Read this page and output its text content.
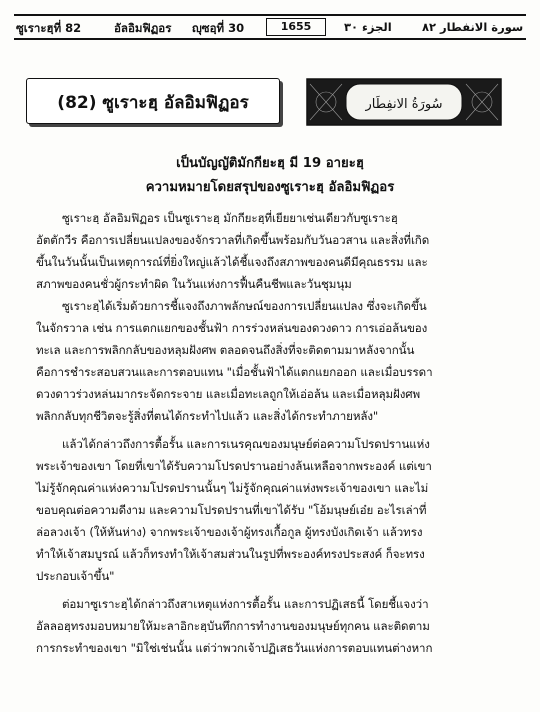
ซูเราะฮฺที่ 82	อัลอิมฟิฏอร ญุซอฺที่ 30	1655	الجزء ٣٠	سورة الانفطار ٨٢
(82) ซูเราะฮฺ อัลอิมฟิฏอร	سُورَةُ الانفِطَار
เป็นบัญญัติมักกียะฮฺ มี 19 อายะฮฺ
ความหมายโดยสรุปของซูเราะฮฺ อัลอิมฟิฏอร
ซูเราะฮฺ อัลอิมฟิฏอร เป็นซูเราะฮฺ มักกียะฮฺที่เยียยาเช่นเดียวกับซูเราะฮฺ
อัตตักวีร คือการเปลี่ยนแปลงของจักรวาลที่เกิดขึ้นพร้อมกับวันอวสาน และสิ่งที่เกิด
ขึ้นในวันนั้นเป็นเหตุการณ์ที่ยิ่งใหญ่แล้วได้ชี้แจงถึงสภาพของคนดีมีคุณธรรม และ
สภาพของคนชั่วผู้กระทำผิด ในวันแห่งการฟื้นคืนชีพและวันชุมนุม
ซูเราะฮฺได้เริ่มด้วยการชี้แจงถึงภาพลักษณ์ของการเปลี่ยนแปลง ซึ่งจะเกิดขึ้น
ในจักรวาล เช่น การแตกแยกของชั้นฟ้า การร่วงหล่นของดวงดาว การเอ่อล้นของ
ทะเล และการพลิกกลับของหลุมฝังศพ ตลอดจนถึงสิ่งที่จะติดตามมาหลังจากนั้น
คือการชำระสอบสวนและการตอบแทน "เมื่อชั้นฟ้าได้แตกแยกออก และเมื่อบรรดา
ดวงดาวร่วงหล่นมากระจัดกระจาย และเมื่อทะเลถูกให้เอ่อล้น และเมื่อหลุมฝังศพ
พลิกกลับทุกชีวิตจะรู้สิ่งที่ตนได้กระทำไปแล้ว และสิ่งได้กระทำภายหลัง"
แล้วได้กล่าวถึงการตื้อรั้น และการเนรคุณของมนุษย์ต่อความโปรดปรานแห่ง
พระเจ้าของเขา โดยที่เขาได้รับความโปรดปรานอย่างล้นเหลือจากพระองค์ แต่เขา
ไม่รู้จักคุณค่าแห่งความโปรดปรานนั้นๆ ไม่รู้จักคุณค่าแห่งพระเจ้าของเขา และไม่
ขอบคุณต่อความดีงาม และความโปรดปรานที่เขาได้รับ "โอ้มนุษย์เอ๋ย อะไรเล่าที่
ล่อลวงเจ้า (ให้หันห่าง) จากพระเจ้าของเจ้าผู้ทรงเกื้อกูล ผู้ทรงบังเกิดเจ้า แล้วทรง
ทำให้เจ้าสมบูรณ์ แล้วก็ทรงทำให้เจ้าสมส่วนในรูปที่พระองค์ทรงประสงค์ ก็จะทรง
ประกอบเจ้าขึ้น"
ต่อมาซูเราะฮฺได้กล่าวถึงสาเหตุแห่งการตื้อรั้น และการปฏิเสธนี้ โดยชี้แจงว่า
อัลลอฮฺทรงมอบหมายให้มะลาอิกะฮฺบันทึกการทำงานของมนุษย์ทุกคน และติดตาม
การกระทำของเขา "มิใช่เช่นนั้น แต่ว่าพวกเจ้าปฏิเสธวันแห่งการตอบแทนต่างหาก
